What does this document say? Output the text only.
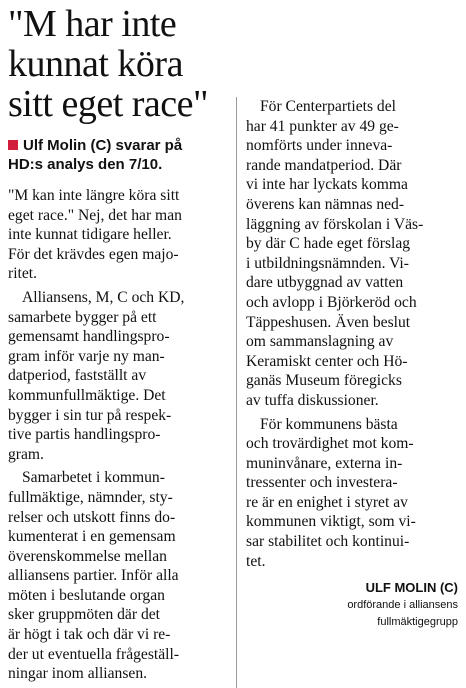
"M har inte
kunnat köra
sitt eget race"
Ulf Molin (C) svarar på
HD:s analys den 7/10.
"M kan inte längre köra sitt
eget race." Nej, det har man
inte kunnat tidigare heller.
För det krävdes egen majo-
ritet.
Alliansens, M, C och KD,
samarbete bygger på ett
gemensamt handlingspro-
gram inför varje ny man-
datperiod, fastställt av
kommunfullmäktige. Det
bygger i sin tur på respek-
tive partis handlingspro-
gram.
Samarbetet i kommun-
fullmäktige, nämnder, sty-
relser och utskott finns do-
kumenterat i en gemensam
överenskommelse mellan
alliansens partier. Inför alla
möten i beslutande organ
sker gruppmöten där det
är högt i tak och där vi re-
der ut eventuella frågeställ-
ningar inom alliansen.
För Centerpartiets del
har 41 punkter av 49 ge-
nomförts under inneva-
rande mandatperiod. Där
vi inte har lyckats komma
överens kan nämnas ned-
läggning av förskolan i Väs-
by där C hade eget förslag
i utbildningsnämnden. Vi-
dare utbyggnad av vatten
och avlopp i Björkeröd och
Täppeshusen. Även beslut
om sammanslagning av
Keramiskt center och Hö-
ganäs Museum föregicks
av tuffa diskussioner.
För kommunens bästa
och trovärdighet mot kom-
muninvånare, externa in-
tressenter och investera-
re är en enighet i styret av
kommunen viktigt, som vi-
sar stabilitet och kontinui-
tet.
ULF MOLIN (C)
ordförande i alliansens
fullmäktigegrupp
